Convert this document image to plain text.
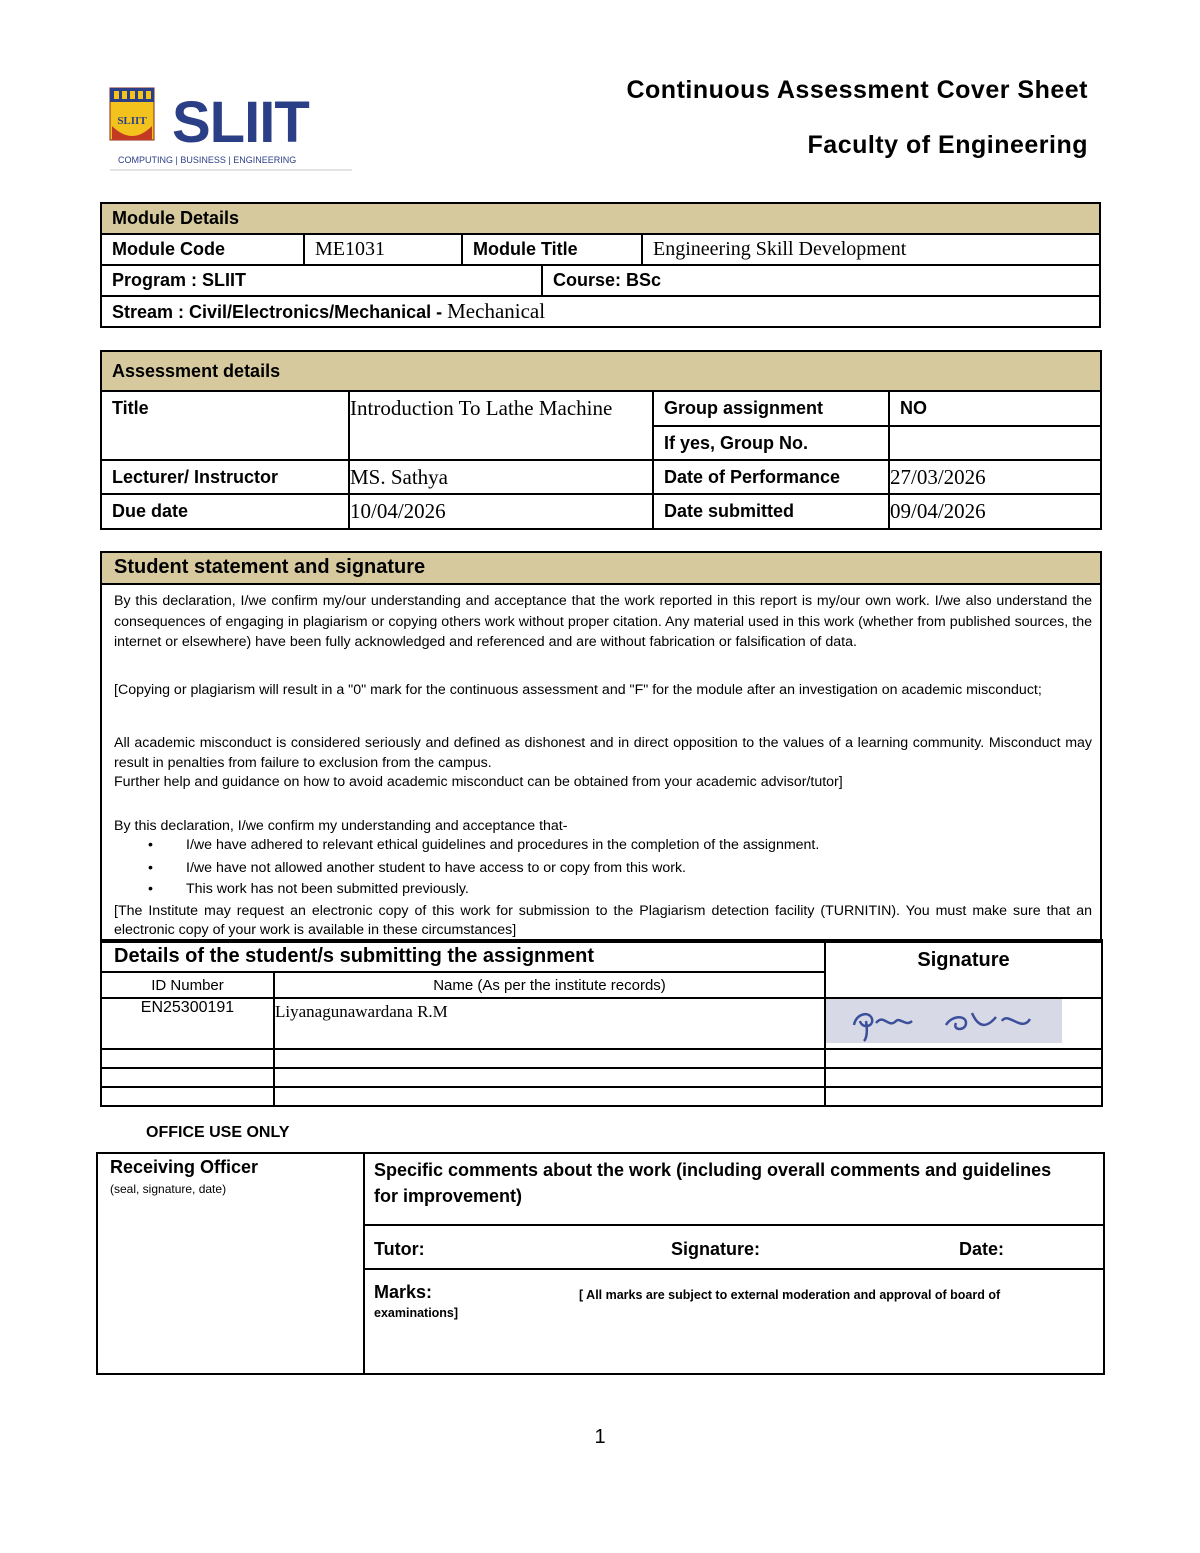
SLIIT SLIIT
COMPUTING | BUSINESS | ENGINEERING
Continuous Assessment Cover Sheet
Faculty of Engineering
Module Details				
Module Code	ME1031	Module Title		Engineering Skill Development
Program : SLIIT			Course: BSc	
Stream : Civil/Electronics/Mechanical - Mechanical				
Assessment details			
Title	Introduction To Lathe Machine	Group assignment	NO
		If yes, Group No.	
Lecturer/ Instructor	MS. Sathya	Date of Performance	27/03/2026
Due date	10/04/2026	Date submitted	09/04/2026
Student statement and signature
By this declaration, I/we confirm my/our understanding and acceptance that the work reported in this report is my/our own work. I/we also understand the consequences of engaging in plagiarism or copying others work without proper citation. Any material used in this work (whether from published sources, the internet or elsewhere) have been fully acknowledged and referenced and are without fabrication or falsification of data.
[Copying or plagiarism will result in a "0" mark for the continuous assessment and "F" for the module after an investigation on academic misconduct;
All academic misconduct is considered seriously and defined as dishonest and in direct opposition to the values of a learning community. Misconduct may result in penalties from failure to exclusion from the campus.
Further help and guidance on how to avoid academic misconduct can be obtained from your academic advisor/tutor]
By this declaration, I/we confirm my understanding and acceptance that-
• I/we have adhered to relevant ethical guidelines and procedures in the completion of the assignment.
• I/we have not allowed another student to have access to or copy from this work.
• This work has not been submitted previously.
[The Institute may request an electronic copy of this work for submission to the Plagiarism detection facility (TURNITIN). You must make sure that an electronic copy of your work is available in these circumstances]
Details of the student/s submitting the assignment		Signature
ID Number	Name (As per the institute records)	
EN25300191	Liyanagunawardana R.M	

OFFICE USE ONLY
Receiving Officer
(seal, signature, date)
Specific comments about the work (including overall comments and guidelines for improvement)
Tutor:	Signature:	Date:
Marks:	[ All marks are subject to external moderation and approval of board of examinations]
1
